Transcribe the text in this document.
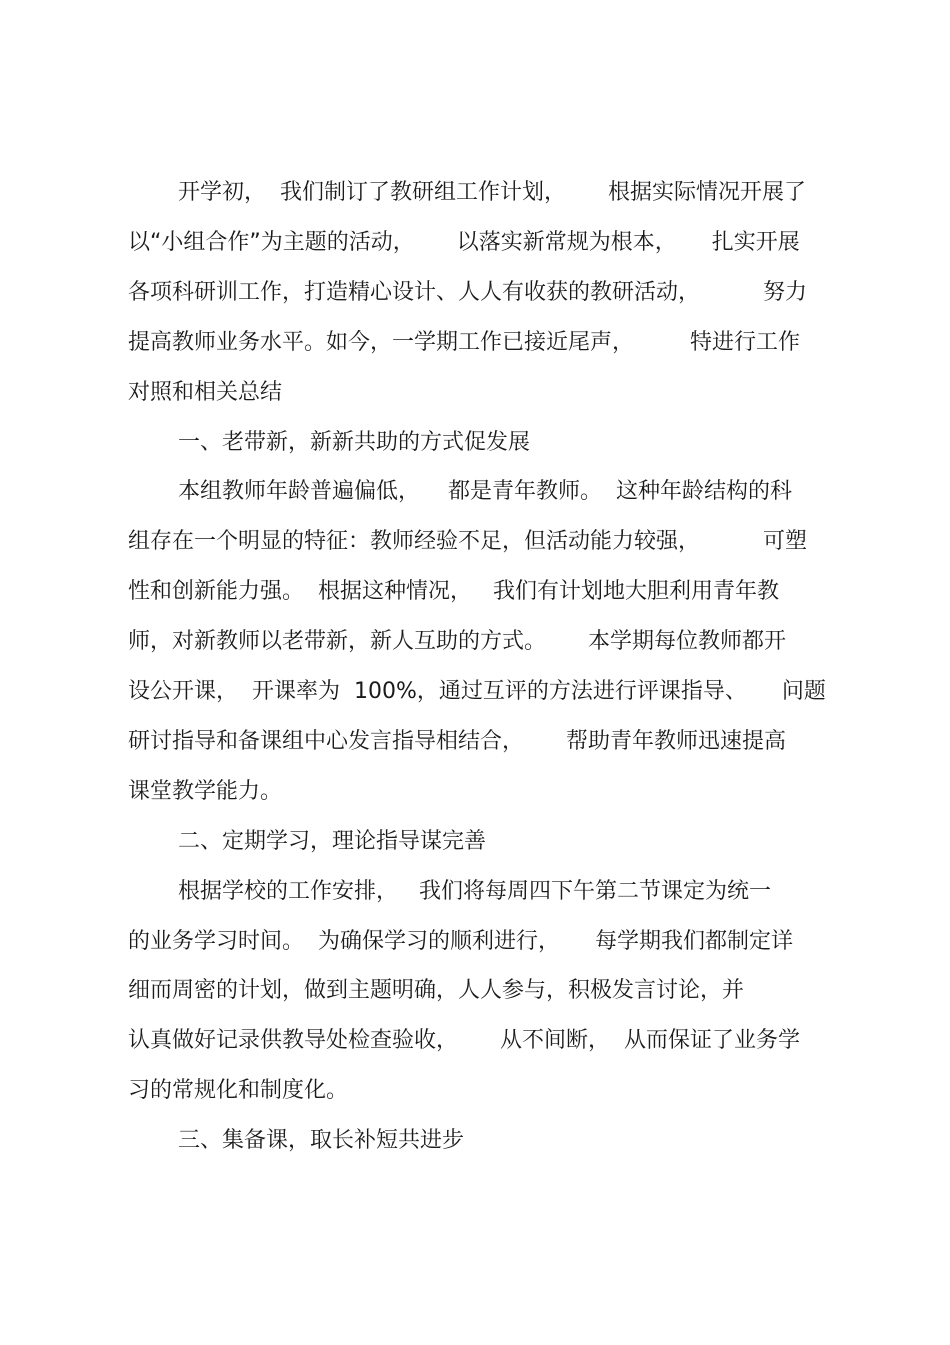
开学初，  我们制订了教研组工作计划，      根据实际情况开展了
以“小组合作”为主题的活动，      以落实新常规为根本，     扎实开展
各项科研训工作，打造精心设计、人人有收获的教研活动，         努力
提高教师业务水平。如今，一学期工作已接近尾声，        特进行工作
对照和相关总结
一、老带新，新新共助的方式促发展
本组教师年龄普遍偏低，    都是青年教师。  这种年龄结构的科
组存在一个明显的特征：教师经验不足，但活动能力较强，         可塑
性和创新能力强。  根据这种情况，   我们有计划地大胆利用青年教
师，对新教师以老带新，新人互助的方式。      本学期每位教师都开
设公开课，  开课率为  100%，通过互评的方法进行评课指导、     问题
研讨指导和备课组中心发言指导相结合，      帮助青年教师迅速提高
课堂教学能力。
二、定期学习，理论指导谋完善
根据学校的工作安排，   我们将每周四下午第二节课定为统一
的业务学习时间。  为确保学习的顺利进行，     每学期我们都制定详
细而周密的计划，做到主题明确，人人参与，积极发言讨论，并
认真做好记录供教导处检查验收，      从不间断，  从而保证了业务学
习的常规化和制度化。
三、集备课，取长补短共进步
